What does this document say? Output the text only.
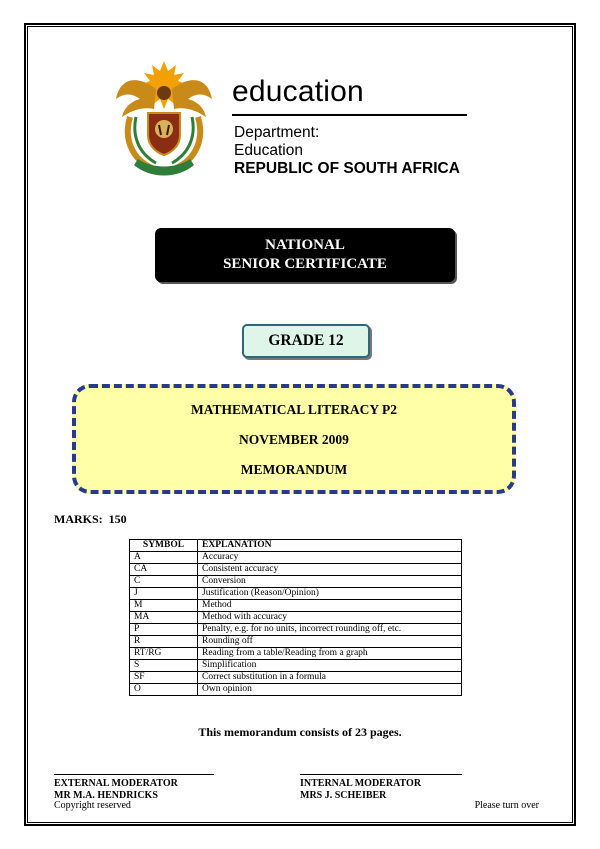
education
Department:
Education
REPUBLIC OF SOUTH AFRICA
NATIONAL
SENIOR CERTIFICATE
GRADE 12
MATHEMATICAL LITERACY P2
NOVEMBER 2009
MEMORANDUM
MARKS:  150
SYMBOL	EXPLANATION
A	Accuracy
CA	Consistent accuracy
C	Conversion
J	Justification (Reason/Opinion)
M	Method
MA	Method with accuracy
P	Penalty, e.g. for no units, incorrect rounding off, etc.
R	Rounding off
RT/RG	Reading from a table/Reading from a graph
S	Simplification
SF	Correct substitution in a formula
O	Own opinion
This memorandum consists of 23 pages.
EXTERNAL MODERATOR
MR M.A. HENDRICKS
INTERNAL MODERATOR
MRS J. SCHEIBER
Copyright reserved	Please turn over
